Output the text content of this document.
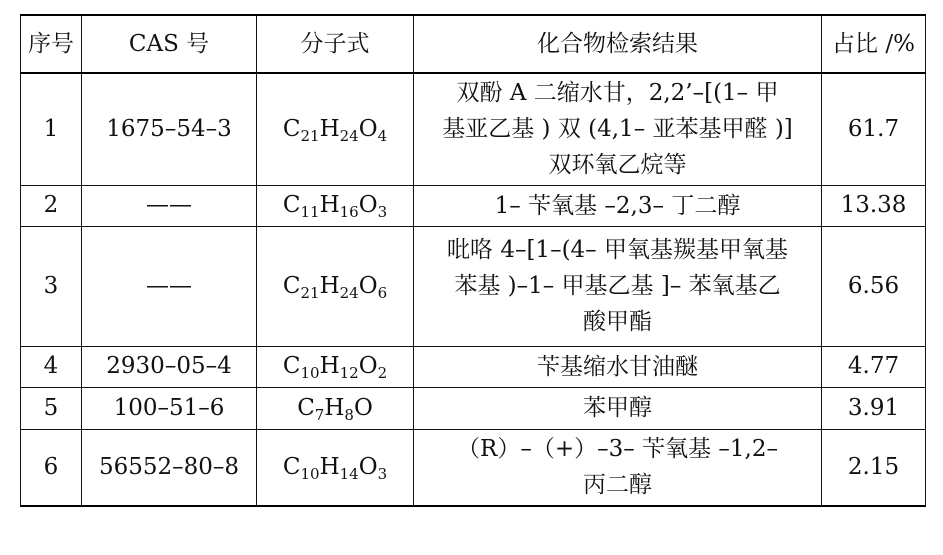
序号	CAS 号	分子式	化合物检索结果	占比 /%
1	1675–54–3	$C_{21}H_{24}O_4$	双酚 A 二缩水甘，2,2’–[(1– 甲
基亚乙基 ) 双 (4,1– 亚苯基甲醛 )]
双环氧乙烷等	61.7
2	——	$C_{11}H_{16}O_3$	1– 苄氧基 –2,3– 丁二醇	13.38
3	——	$C_{21}H_{24}O_6$	吡咯 4–[1–(4– 甲氧基羰基甲氧基
苯基 )–1– 甲基乙基 ]– 苯氧基乙
酸甲酯	6.56
4	2930–05–4	$C_{10}H_{12}O_2$	苄基缩水甘油醚	4.77
5	100–51–6	$C_7H_8O$	苯甲醇	3.91
6	56552–80–8	$C_{10}H_{14}O_3$	（R）–（+）–3– 苄氧基 –1,2–
丙二醇	2.15
